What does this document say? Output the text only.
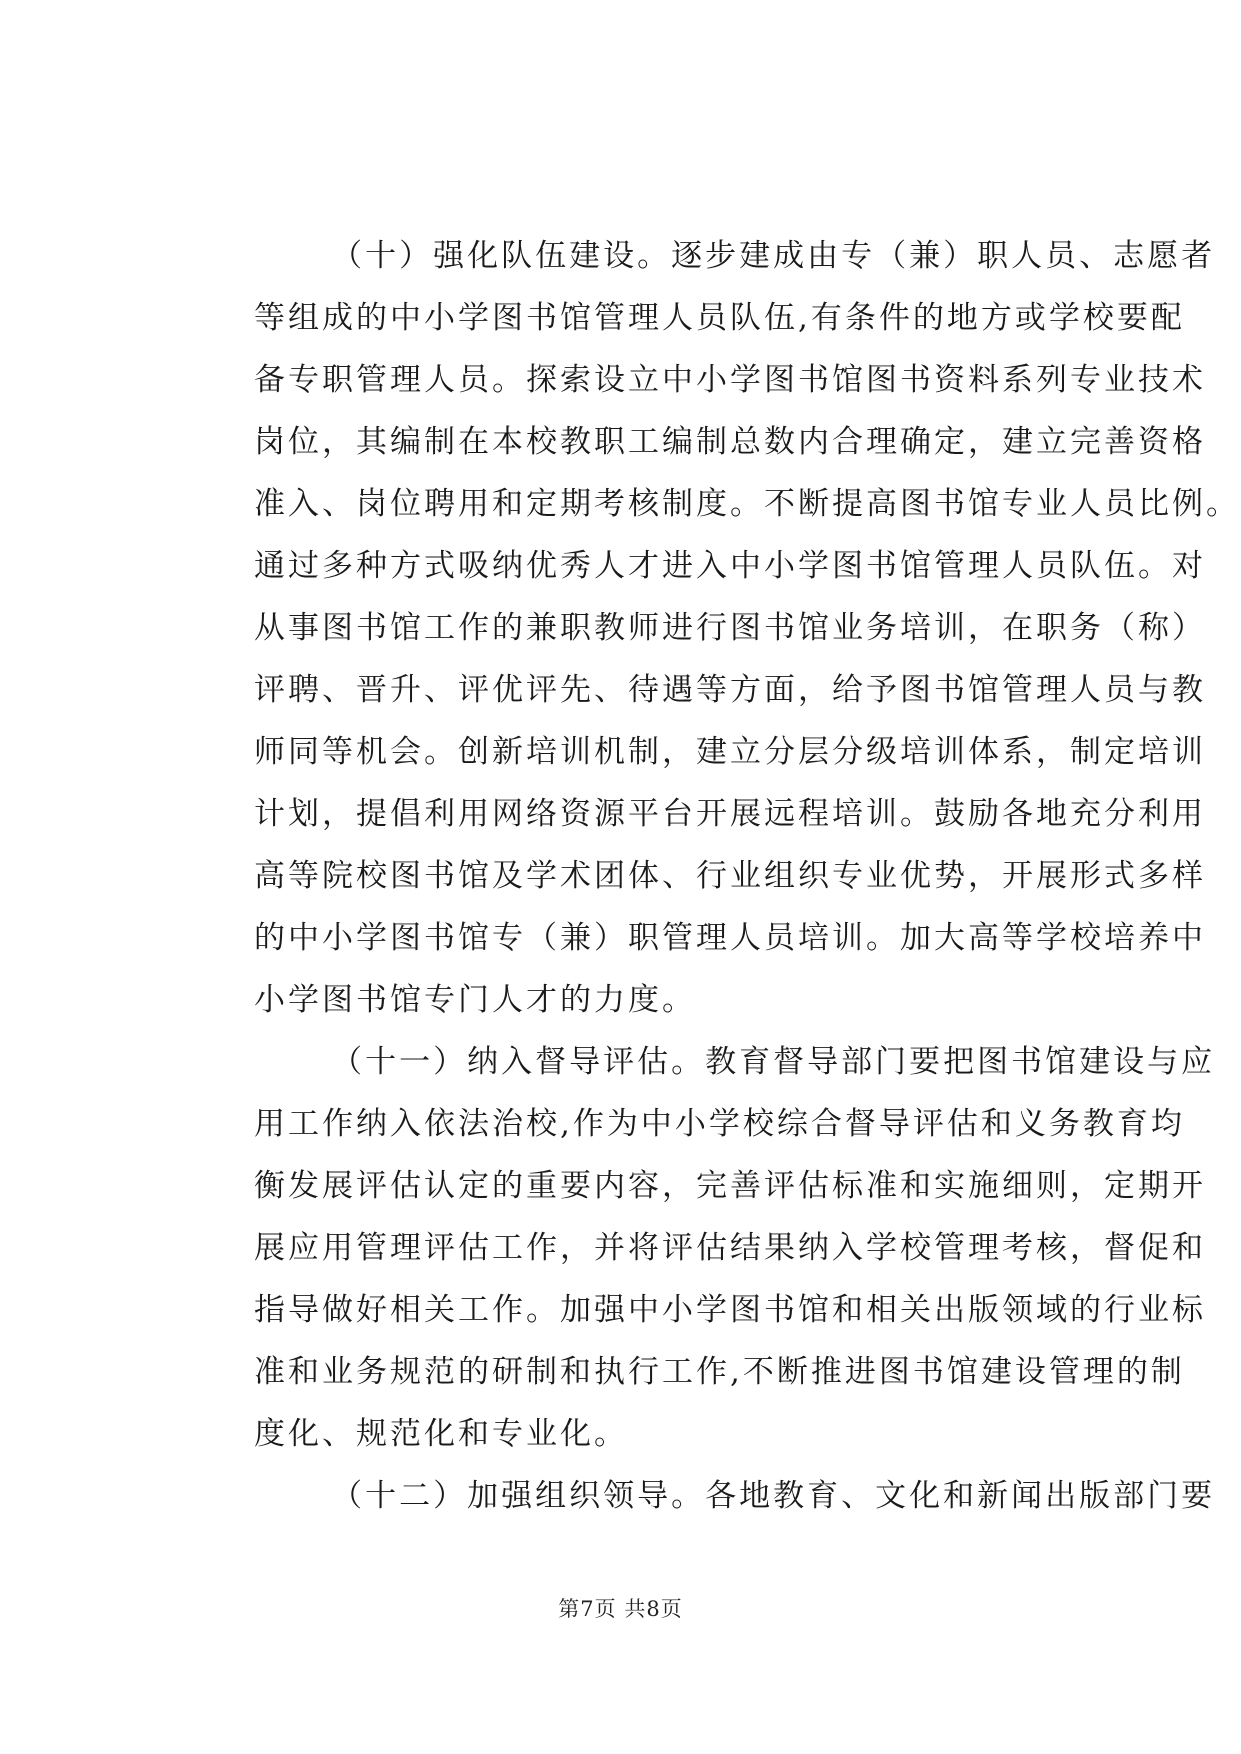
（十）强化队伍建设。逐步建成由专（兼）职人员、志愿者
等组成的中小学图书馆管理人员队伍,有条件的地方或学校要配
备专职管理人员。探索设立中小学图书馆图书资料系列专业技术
岗位，其编制在本校教职工编制总数内合理确定，建立完善资格
准入、岗位聘用和定期考核制度。不断提高图书馆专业人员比例。
通过多种方式吸纳优秀人才进入中小学图书馆管理人员队伍。对
从事图书馆工作的兼职教师进行图书馆业务培训，在职务（称）
评聘、晋升、评优评先、待遇等方面，给予图书馆管理人员与教
师同等机会。创新培训机制，建立分层分级培训体系，制定培训
计划，提倡利用网络资源平台开展远程培训。鼓励各地充分利用
高等院校图书馆及学术团体、行业组织专业优势，开展形式多样
的中小学图书馆专（兼）职管理人员培训。加大高等学校培养中
小学图书馆专门人才的力度。
（十一）纳入督导评估。教育督导部门要把图书馆建设与应
用工作纳入依法治校,作为中小学校综合督导评估和义务教育均
衡发展评估认定的重要内容，完善评估标准和实施细则，定期开
展应用管理评估工作，并将评估结果纳入学校管理考核，督促和
指导做好相关工作。加强中小学图书馆和相关出版领域的行业标
准和业务规范的研制和执行工作,不断推进图书馆建设管理的制
度化、规范化和专业化。
（十二）加强组织领导。各地教育、文化和新闻出版部门要
第7页 共8页
